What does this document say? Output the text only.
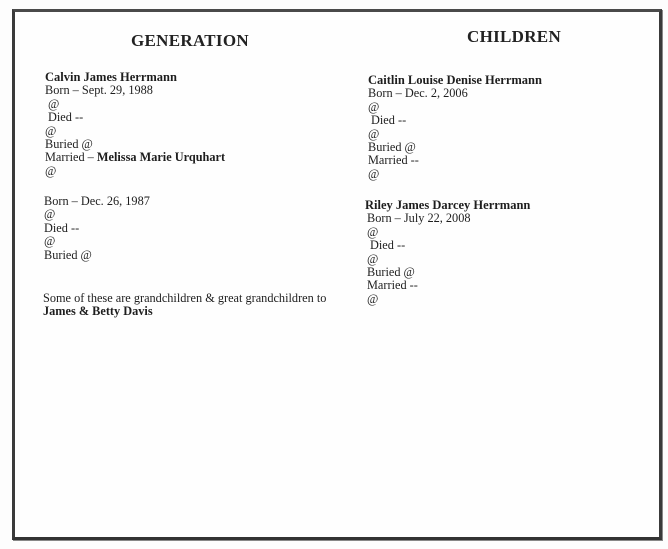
GENERATION	CHILDREN
Calvin James Herrmann
Born – Sept. 29, 1988
@
Died --
@
Buried @
Married – Melissa Marie Urquhart
@
Born – Dec. 26, 1987
@
Died --
@
Buried @
Some of these are grandchildren & great grandchildren to
James & Betty Davis
Caitlin Louise Denise Herrmann
Born – Dec. 2, 2006
@
Died --
@
Buried @
Married --
@
Riley James Darcey Herrmann
Born – July 22, 2008
@
Died --
@
Buried @
Married --
@
